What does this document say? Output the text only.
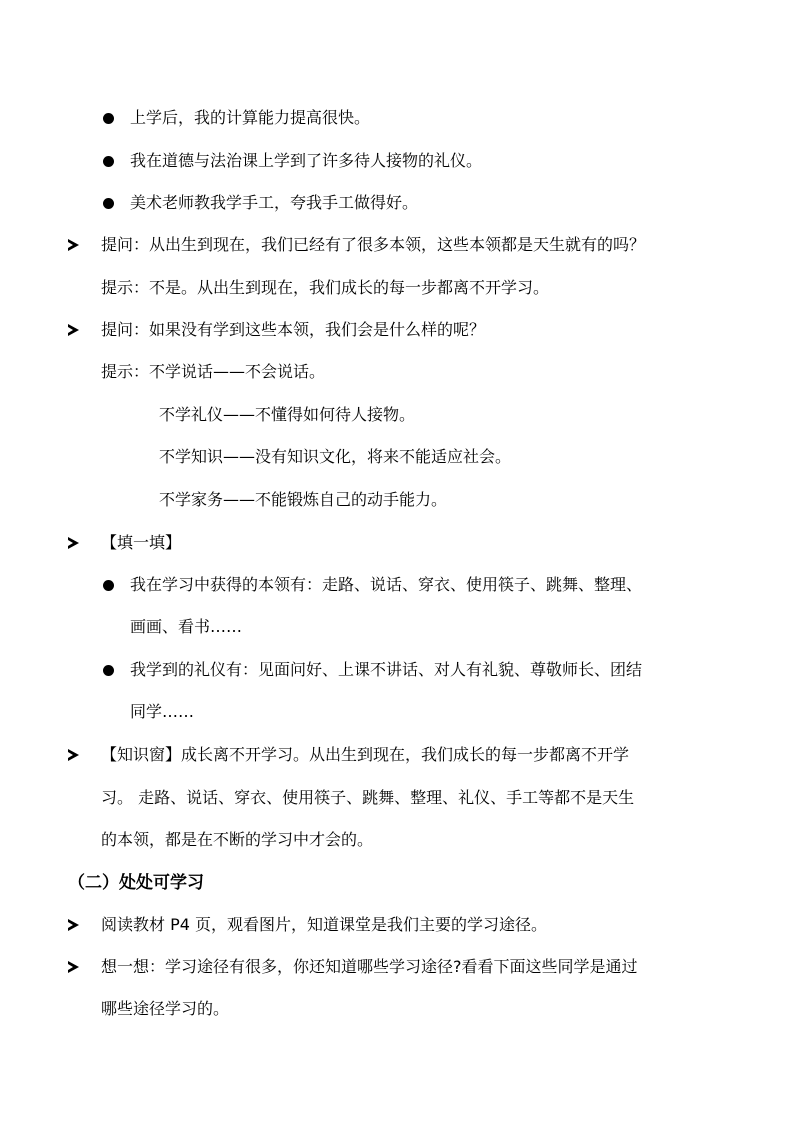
上学后，我的计算能力提高很快。
我在道德与法治课上学到了许多待人接物的礼仪。
美术老师教我学手工，夸我手工做得好。
提问：从出生到现在，我们已经有了很多本领，这些本领都是天生就有的吗？
提示：不是。从出生到现在，我们成长的每一步都离不开学习。
提问：如果没有学到这些本领，我们会是什么样的呢？
提示：不学说话——不会说话。
不学礼仪——不懂得如何待人接物。
不学知识——没有知识文化，将来不能适应社会。
不学家务——不能锻炼自己的动手能力。
【填一填】
我在学习中获得的本领有：走路、说话、穿衣、使用筷子、跳舞、整理、
画画、看书……
我学到的礼仪有：见面问好、上课不讲话、对人有礼貌、尊敬师长、团结
同学……
【知识窗】成长离不开学习。从出生到现在，我们成长的每一步都离不开学
习。 走路、说话、穿衣、使用筷子、跳舞、整理、礼仪、手工等都不是天生
的本领，都是在不断的学习中才会的。
（二）处处可学习
阅读教材 P4 页，观看图片，知道课堂是我们主要的学习途径。
想一想：学习途径有很多，你还知道哪些学习途径?看看下面这些同学是通过
哪些途径学习的。
